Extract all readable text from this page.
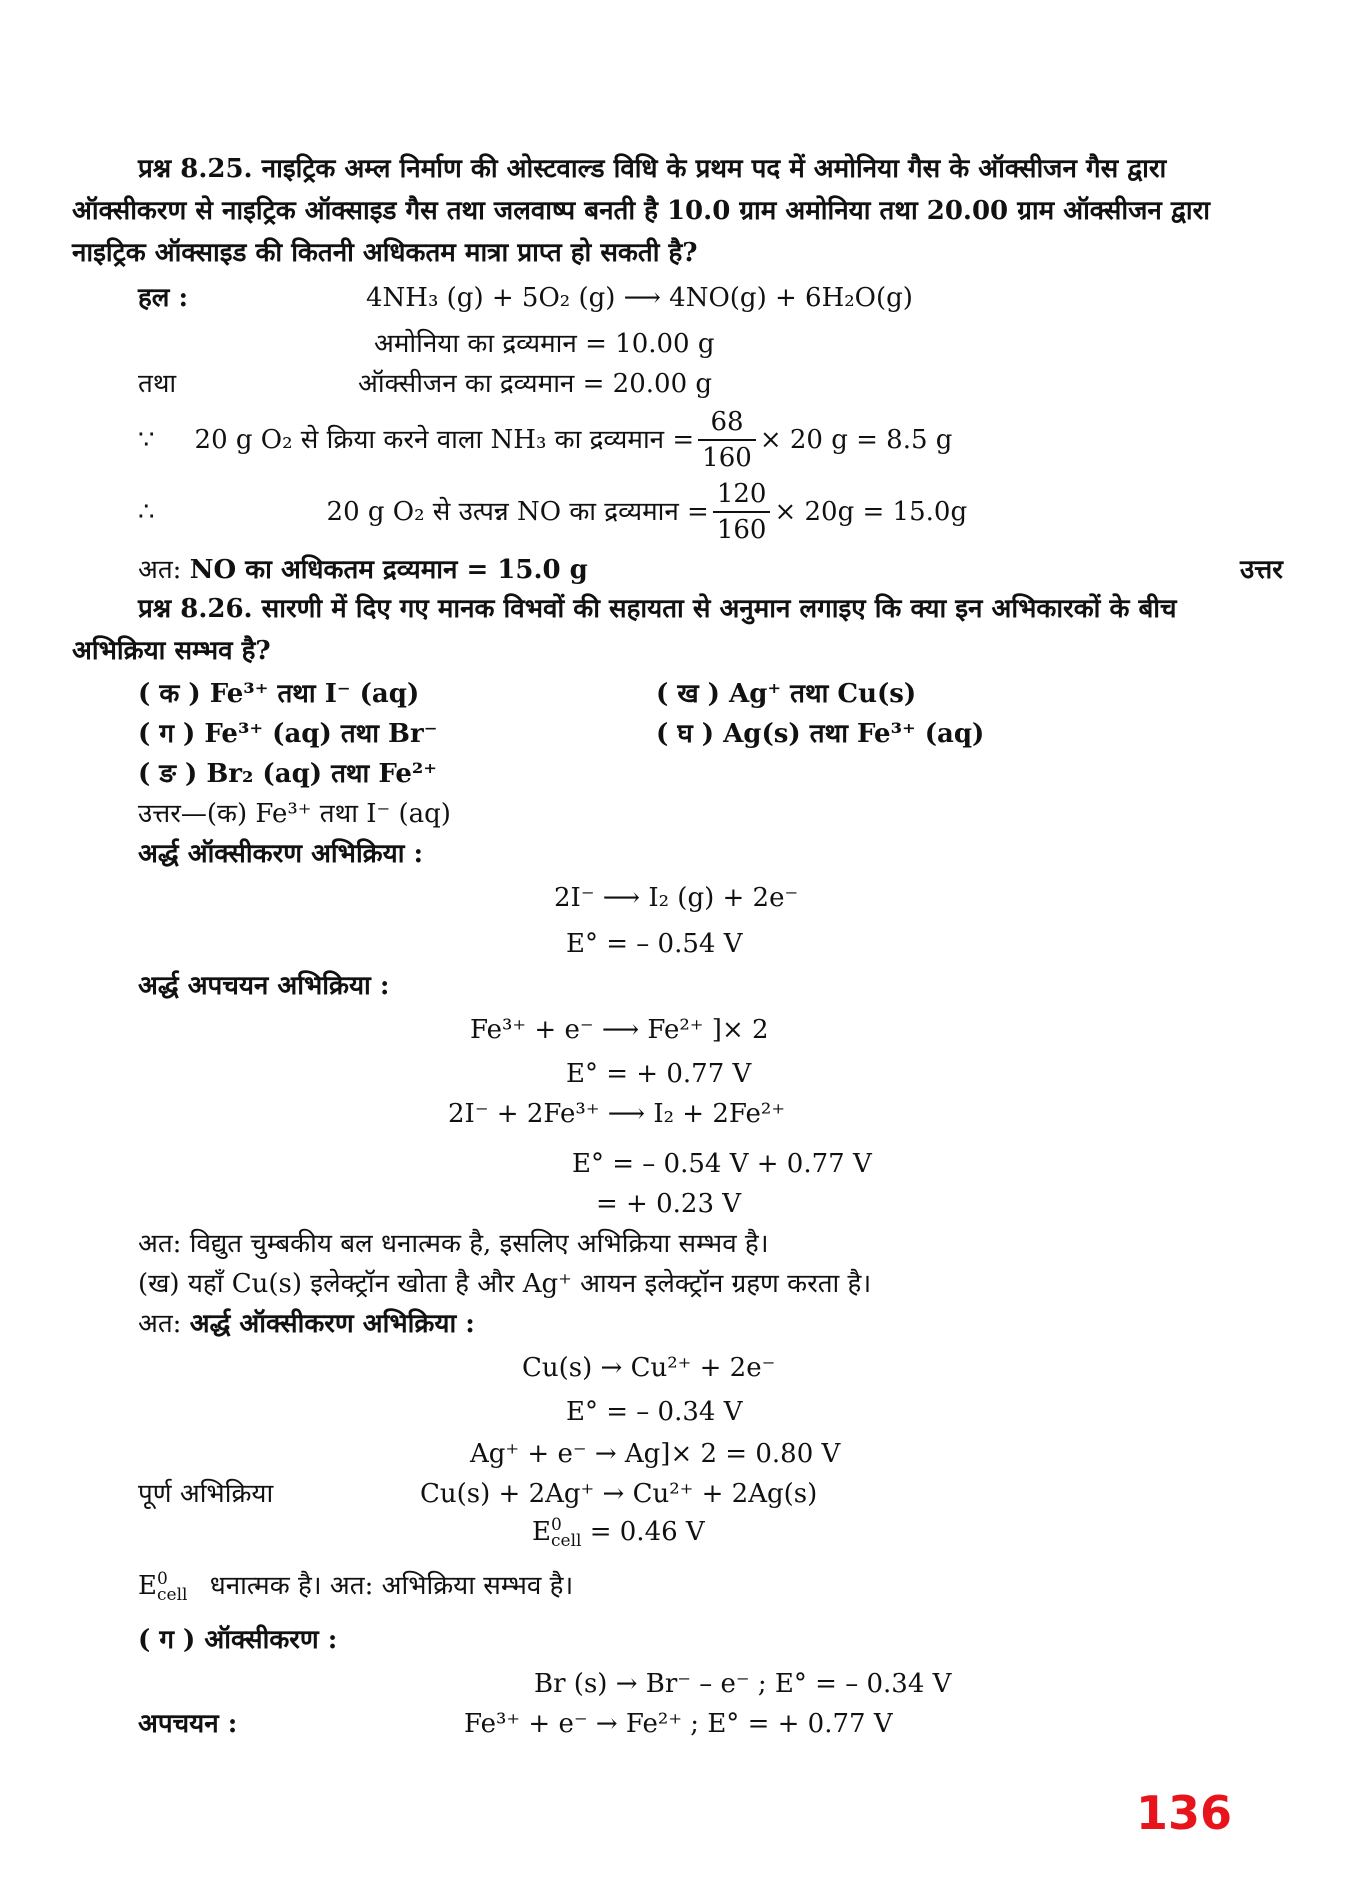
प्रश्न 8.25. नाइट्रिक अम्ल निर्माण की ओस्टवाल्ड विधि के प्रथम पद में अमोनिया गैस के ऑक्सीजन गैस द्वारा
ऑक्सीकरण से नाइट्रिक ऑक्साइड गैस तथा जलवाष्प बनती है 10.0 ग्राम अमोनिया तथा 20.00 ग्राम ऑक्सीजन द्वारा
नाइट्रिक ऑक्साइड की कितनी अधिकतम मात्रा प्राप्त हो सकती है?
हल :	4NH₃ (g) + 5O₂ (g) ⟶ 4NO(g) + 6H₂O(g)
अमोनिया का द्रव्यमान = 10.00 g
तथा	ऑक्सीजन का द्रव्यमान = 20.00 g
∵ 20 g O₂ से क्रिया करने वाला NH₃ का द्रव्यमान = $\frac{68}{160} \times 20$ g = 8.5 g
∴	20 g O₂ से उत्पन्न NO का द्रव्यमान = $\frac{120}{160} \times 20g = 15.0g$
अत: NO का अधिकतम द्रव्यमान = 15.0 g	उत्तर
प्रश्न 8.26. सारणी में दिए गए मानक विभवों की सहायता से अनुमान लगाइए कि क्या इन अभिकारकों के बीच
अभिक्रिया सम्भव है?
( क ) Fe³⁺ तथा I⁻ (aq)	( ख ) Ag⁺ तथा Cu(s)
( ग ) Fe³⁺ (aq) तथा Br⁻	( घ ) Ag(s) तथा Fe³⁺ (aq)
( ङ ) Br₂ (aq) तथा Fe²⁺
उत्तर—(क) Fe³⁺ तथा I⁻ (aq)
अर्द्ध ऑक्सीकरण अभिक्रिया :
2I⁻ ⟶ I₂ (g) + 2e⁻
E° = – 0.54 V
अर्द्ध अपचयन अभिक्रिया :
Fe³⁺ + e⁻ ⟶ Fe²⁺ ]× 2
E° = + 0.77 V
2I⁻ + 2Fe³⁺ ⟶ I₂ + 2Fe²⁺
E° = – 0.54 V + 0.77 V
= + 0.23 V
अत: विद्युत चुम्बकीय बल धनात्मक है, इसलिए अभिक्रिया सम्भव है।
(ख) यहाँ Cu(s) इलेक्ट्रॉन खोता है और Ag⁺ आयन इलेक्ट्रॉन ग्रहण करता है।
अत: अर्द्ध ऑक्सीकरण अभिक्रिया :
Cu(s) → Cu²⁺ + 2e⁻
E° = – 0.34 V
Ag⁺ + e⁻ → Ag]× 2 = 0.80 V
पूर्ण अभिक्रिया	Cu(s) + 2Ag⁺ → Cu²⁺ + 2Ag(s)
E 0
cell = 0.46 V
E 0
cell धनात्मक है। अत: अभिक्रिया सम्भव है।
( ग ) ऑक्सीकरण :
Br (s) → Br⁻ – e⁻ ; E° = – 0.34 V
अपचयन :	Fe³⁺ + e⁻ → Fe²⁺ ; E° = + 0.77 V
136
